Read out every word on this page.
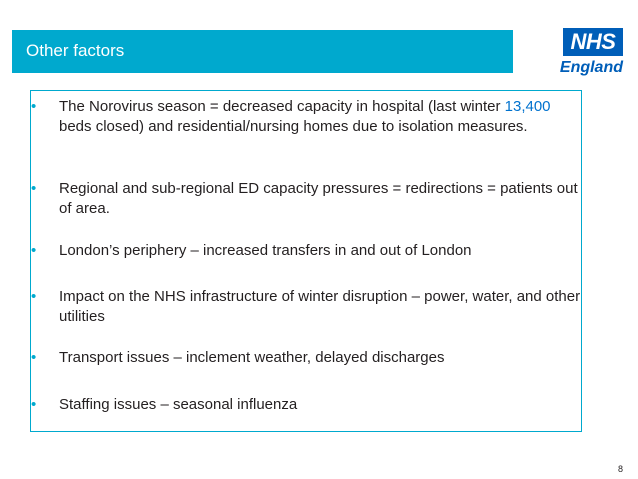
Other factors	NHS
England
•	The Norovirus season = decreased capacity in hospital (last winter 13,400 beds closed) and residential/nursing homes due to isolation measures.
•	Regional and sub-regional ED capacity pressures = redirections = patients out of area.
•	London’s periphery – increased transfers in and out of London
•	Impact on the NHS infrastructure of winter disruption – power, water, and other utilities
•	Transport issues – inclement weather, delayed discharges
•	Staffing issues – seasonal influenza
8
